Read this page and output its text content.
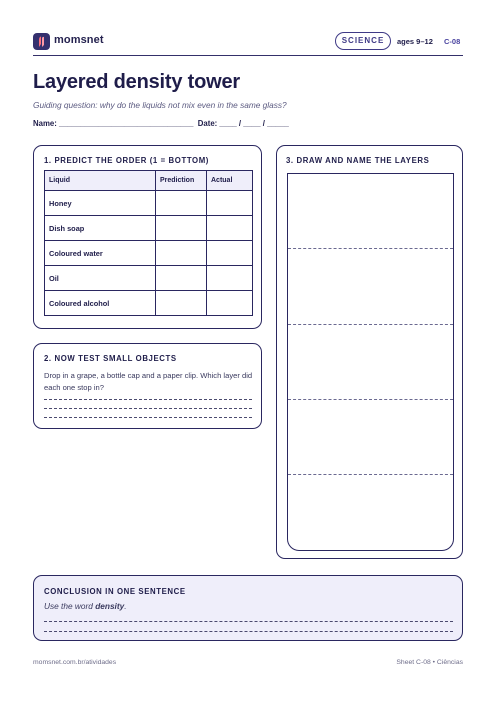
momsnet	SCIENCE	ages 9–12 C-08
Layered density tower
Guiding question: why do the liquids not mix even in the same glass?
Name: _______________________________  Date: ____ / ____ / _____
1. PREDICT THE ORDER (1 = BOTTOM)
Liquid	Prediction	Actual
Honey		
Dish soap		
Coloured water		
Oil		
Coloured alcohol		
2. NOW TEST SMALL OBJECTS
Drop in a grape, a bottle cap and a paper clip. Which layer did each one stop in?
3. DRAW AND NAME THE LAYERS
CONCLUSION IN ONE SENTENCE
Use the word density.
momsnet.com.br/atividades	Sheet C-08 • Ciências
